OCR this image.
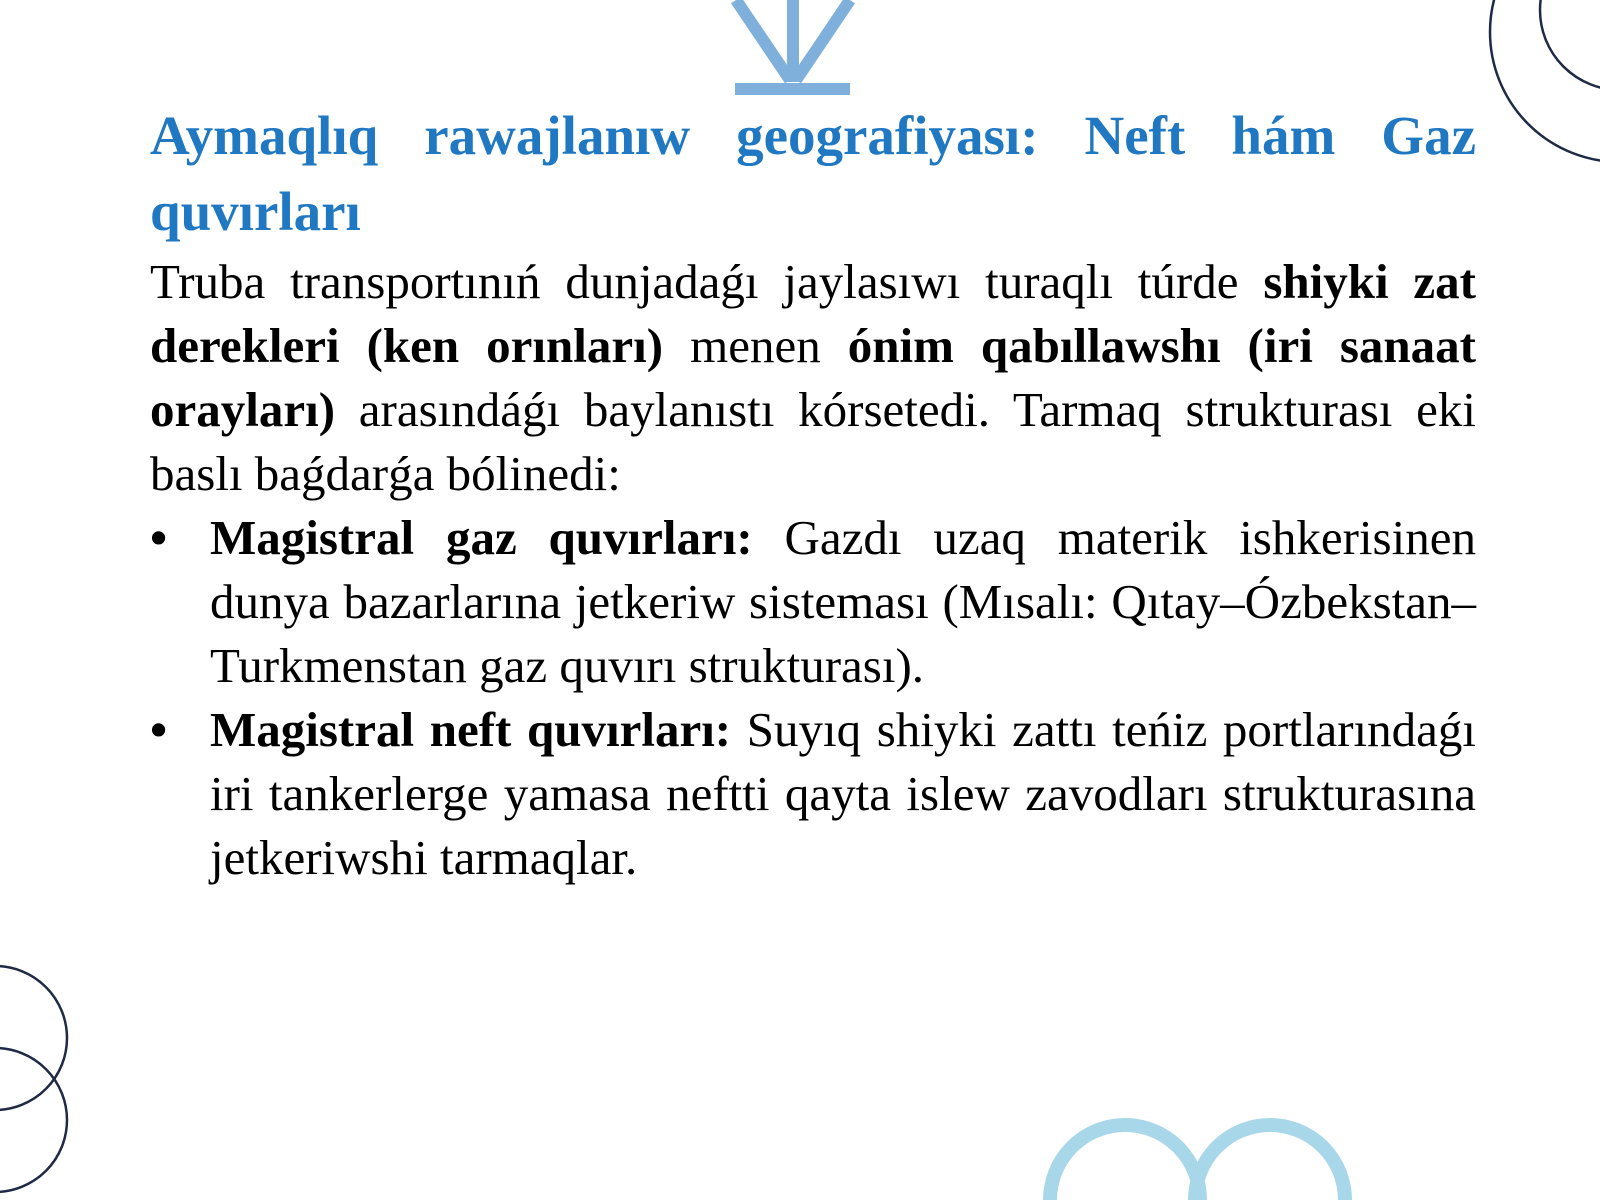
Aymaqlıq rawajlanıw geografiyası: Neft hám Gaz quvırları

Truba transportınıń dunjadaǵı jaylasıwı turaqlı túrde shiyki zat derekleri (ken orınları) menen ónim qabıllawshı (iri sanaat orayları) arasındáǵı baylanıstı kórsetedi. Tarmaq strukturası eki baslı baǵdarǵa bólinedi:

• Magistral gaz quvırları: Gazdı uzaq materik ishkerisinen dunya bazarlarına jetkeriw sisteması (Mısalı: Qıtay–Ózbekstan–Turkmenstan gaz quvırı strukturası).
• Magistral neft quvırları: Suyıq shiyki zattı teńiz portlarındaǵı iri tankerlerge yamasa neftti qayta islew zavodları strukturasına jetkeriwshi tarmaqlar.
